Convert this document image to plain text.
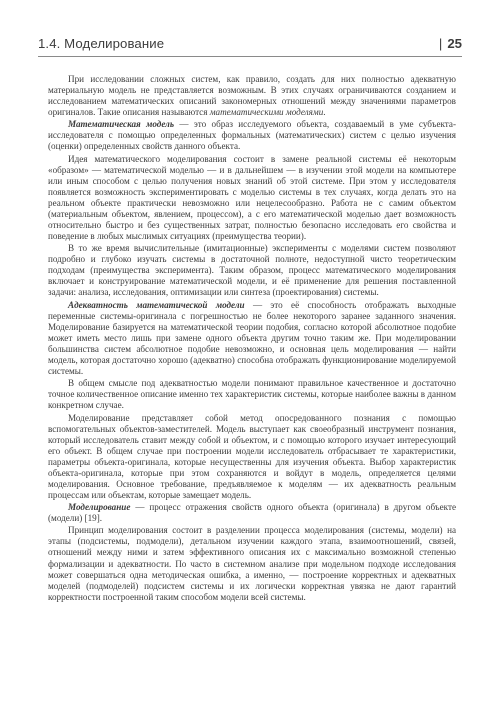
1.4. Моделирование	| 25

При исследовании сложных систем, как правило, создать для них полностью адекватную материальную модель не представляется возможным. В этих случаях ограничиваются созданием и исследованием математических описаний закономерных отношений между значениями параметров оригиналов. Такие описания называются математическими моделями.

Математическая модель — это образ исследуемого объекта, создаваемый в уме субъекта-исследователя с помощью определенных формальных (математических) систем с целью изучения (оценки) определенных свойств данного объекта.

Идея математического моделирования состоит в замене реальной системы её некоторым «образом» — математической моделью — и в дальнейшем — в изучении этой модели на компьютере или иным способом с целью получения новых знаний об этой системе. При этом у исследователя появляется возможность экспериментировать с моделью системы в тех случаях, когда делать это на реальном объекте практически невозможно или нецелесообразно. Работа не с самим объектом (материальным объектом, явлением, процессом), а с его математической моделью дает возможность относительно быстро и без существенных затрат, полностью безопасно исследовать его свойства и поведение в любых мыслимых ситуациях (преимущества теории).

В то же время вычислительные (имитационные) эксперименты с моделями систем позволяют подробно и глубоко изучать системы в достаточной полноте, недоступной чисто теоретическим подходам (преимущества эксперимента). Таким образом, процесс математического моделирования включает и конструирование математической модели, и её применение для решения поставленной задачи: анализа, исследования, оптимизации или синтеза (проектирования) системы.

Адекватность математической модели — это её способность отображать выходные переменные системы-оригинала с погрешностью не более некоторого заранее заданного значения. Моделирование базируется на математической теории подобия, согласно которой абсолютное подобие может иметь место лишь при замене одного объекта другим точно таким же. При моделировании большинства систем абсолютное подобие невозможно, и основная цель моделирования — найти модель, которая достаточно хорошо (адекватно) способна отображать функционирование моделируемой системы.

В общем смысле под адекватностью модели понимают правильное качественное и достаточно точное количественное описание именно тех характеристик системы, которые наиболее важны в данном конкретном случае.

Моделирование представляет собой метод опосредованного познания с помощью вспомогательных объектов-заместителей. Модель выступает как своеобразный инструмент познания, который исследователь ставит между собой и объектом, и с помощью которого изучает интересующий его объект. В общем случае при построении модели исследователь отбрасывает те характеристики, параметры объекта-оригинала, которые несущественны для изучения объекта. Выбор характеристик объекта-оригинала, которые при этом сохраняются и войдут в модель, определяется целями моделирования. Основное требование, предъявляемое к моделям — их адекватность реальным процессам или объектам, которые замещает модель.

Моделирование — процесс отражения свойств одного объекта (оригинала) в другом объекте (модели) [19].

Принцип моделирования состоит в разделении процесса моделирования (системы, модели) на этапы (подсистемы, подмодели), детальном изучении каждого этапа, взаимоотношений, связей, отношений между ними и затем эффективного описания их с максимально возможной степенью формализации и адекватности. По часто в системном анализе при модельном подходе исследования может совершаться одна методическая ошибка, а именно, — построение корректных и адекватных моделей (подмоделей) подсистем системы и их логически корректная увязка не дают гарантий корректности построенной таким способом модели всей системы.
